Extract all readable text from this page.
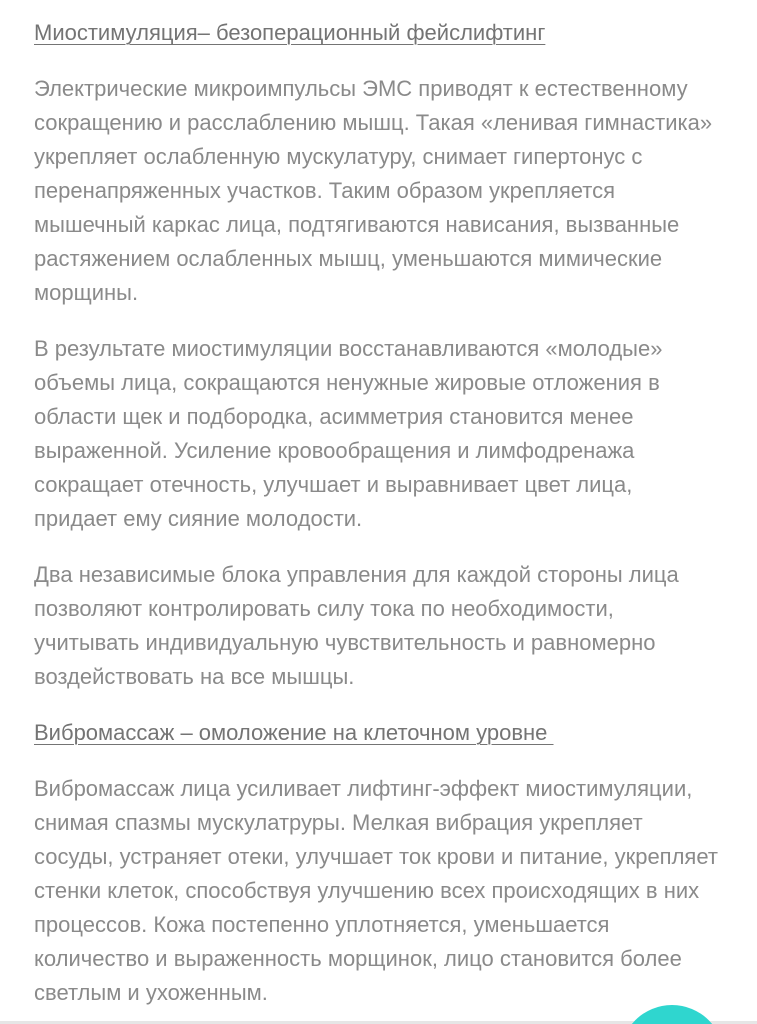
Миостимуляция– безоперационный фейслифтинг

Электрические микроимпульсы ЭМС приводят к естественному
сокращению и расслаблению мышц. Такая «ленивая гимнастика»
укрепляет ослабленную мускулатуру, снимает гипертонус с
перенапряженных участков. Таким образом укрепляется
мышечный каркас лица, подтягиваются нависания, вызванные
растяжением ослабленных мышц, уменьшаются мимические
морщины.

В результате миостимуляции восстанавливаются «молодые»
объемы лица, сокращаются ненужные жировые отложения в
области щек и подбородка, асимметрия становится менее
выраженной. Усиление кровообращения и лимфодренажа
сокращает отечность, улучшает и выравнивает цвет лица,
придает ему сияние молодости.

Два независимые блока управления для каждой стороны лица
позволяют контролировать силу тока по необходимости,
учитывать индивидуальную чувствительность и равномерно
воздействовать на все мышцы.

Вибромассаж – омоложение на клеточном уровне

Вибромассаж лица усиливает лифтинг-эффект миостимуляции,
снимая спазмы мускулатруры. Мелкая вибрация укрепляет
сосуды, устраняет отеки, улучшает ток крови и питание, укрепляет
стенки клеток, способствуя улучшению всех происходящих в них
процессов. Кожа постепенно уплотняется, уменьшается
количество и выраженность морщинок, лицо становится более
светлым и ухоженным.
